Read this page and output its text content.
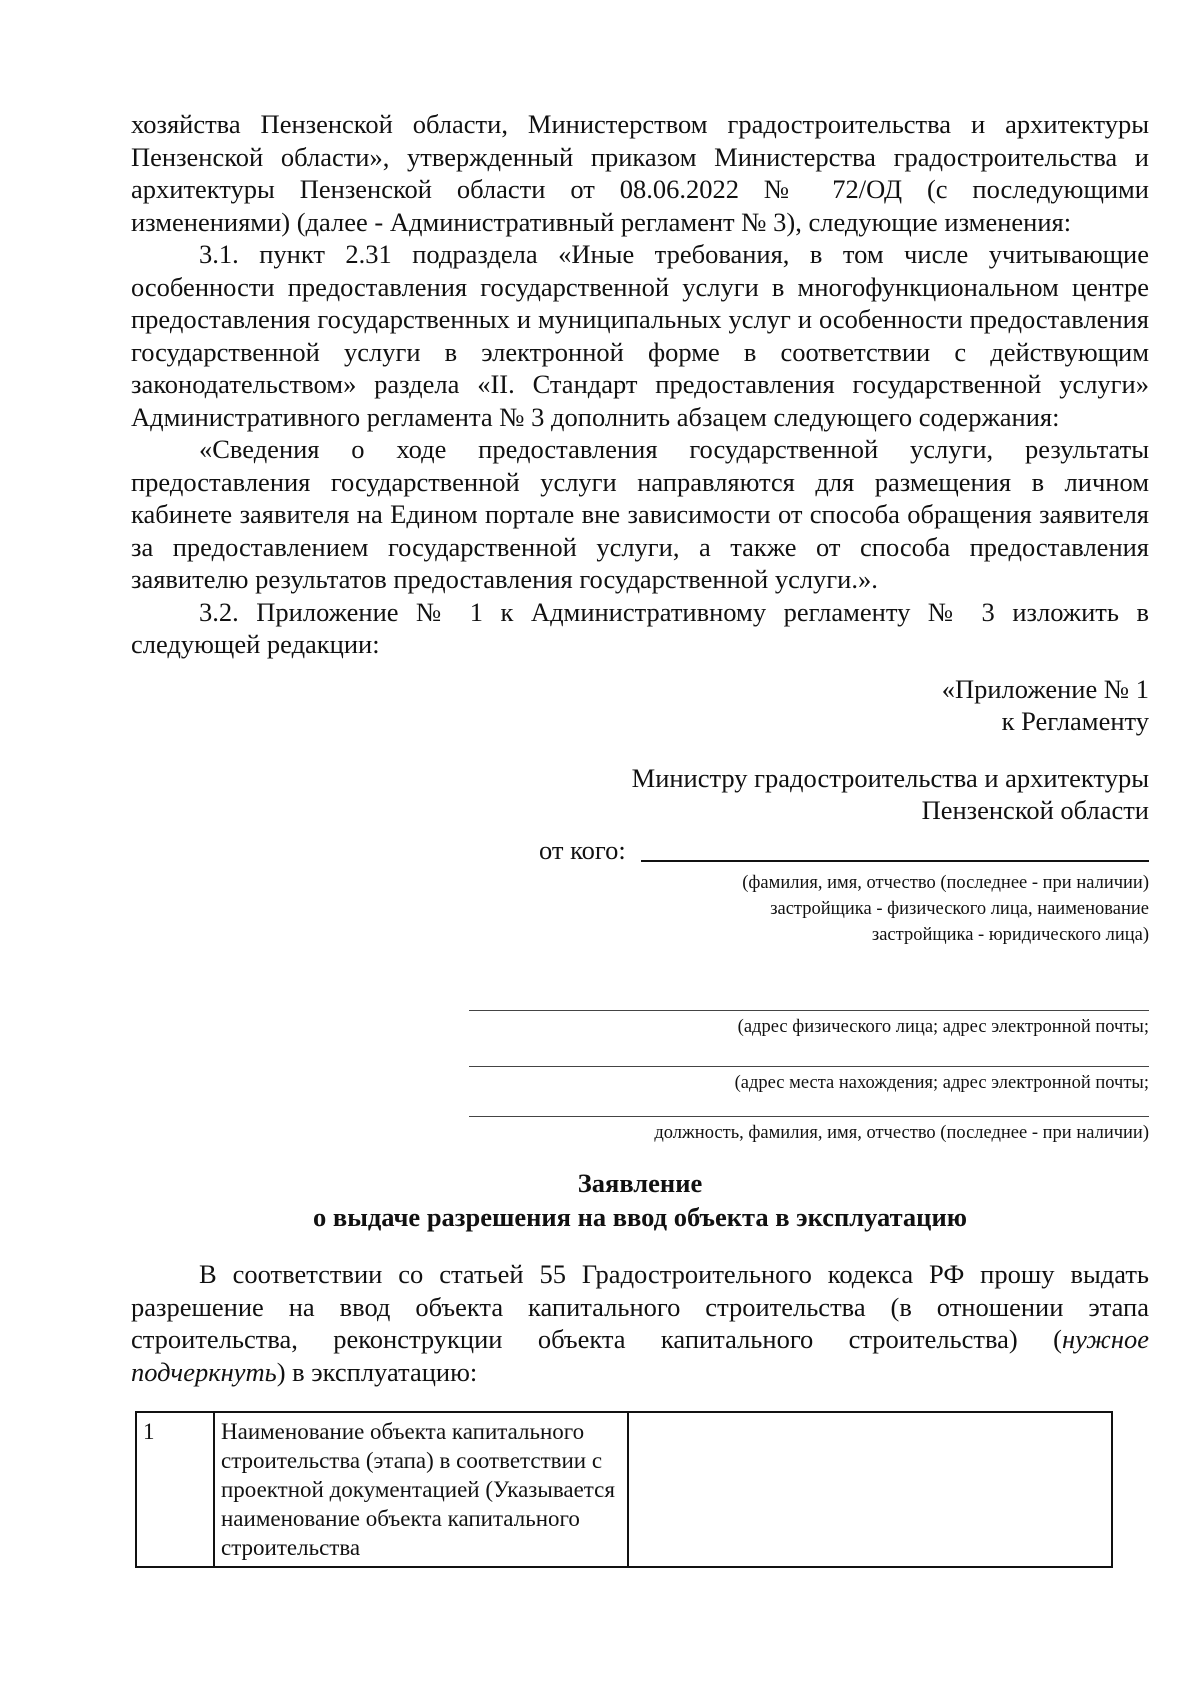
хозяйства Пензенской области, Министерством градостроительства и архитектуры Пензенской области», утвержденный приказом Министерства градостроительства и архитектуры Пензенской области от 08.06.2022 № 72/ОД (с последующими изменениями) (далее - Административный регламент № 3), следующие изменения:

3.1. пункт 2.31 подраздела «Иные требования, в том числе учитывающие особенности предоставления государственной услуги в многофункциональном центре предоставления государственных и муниципальных услуг и особенности предоставления государственной услуги в электронной форме в соответствии с действующим законодательством» раздела «II. Стандарт предоставления государственной услуги» Административного регламента № 3 дополнить абзацем следующего содержания:

«Сведения о ходе предоставления государственной услуги, результаты предоставления государственной услуги направляются для размещения в личном кабинете заявителя на Едином портале вне зависимости от способа обращения заявителя за предоставлением государственной услуги, а также от способа предоставления заявителю результатов предоставления государственной услуги.».

3.2. Приложение № 1 к Административному регламенту № 3 изложить в следующей редакции:

«Приложение № 1

к Регламенту

Министру градостроительства и архитектуры

Пензенской области

от кого:

(фамилия, имя, отчество (последнее - при наличии)

застройщика - физического лица, наименование

застройщика - юридического лица)

(адрес физического лица; адрес электронной почты;

(адрес места нахождения; адрес электронной почты;

должность, фамилия, имя, отчество (последнее - при наличии)

Заявление

о выдаче разрешения на ввод объекта в эксплуатацию

В соответствии со статьей 55 Градостроительного кодекса РФ прошу выдать разрешение на ввод объекта капитального строительства (в отношении этапа строительства, реконструкции объекта капитального строительства) (нужное подчеркнуть) в эксплуатацию:

1	Наименование объекта капитального строительства (этапа) в соответствии с проектной документацией (Указывается наименование объекта капитального строительства	
